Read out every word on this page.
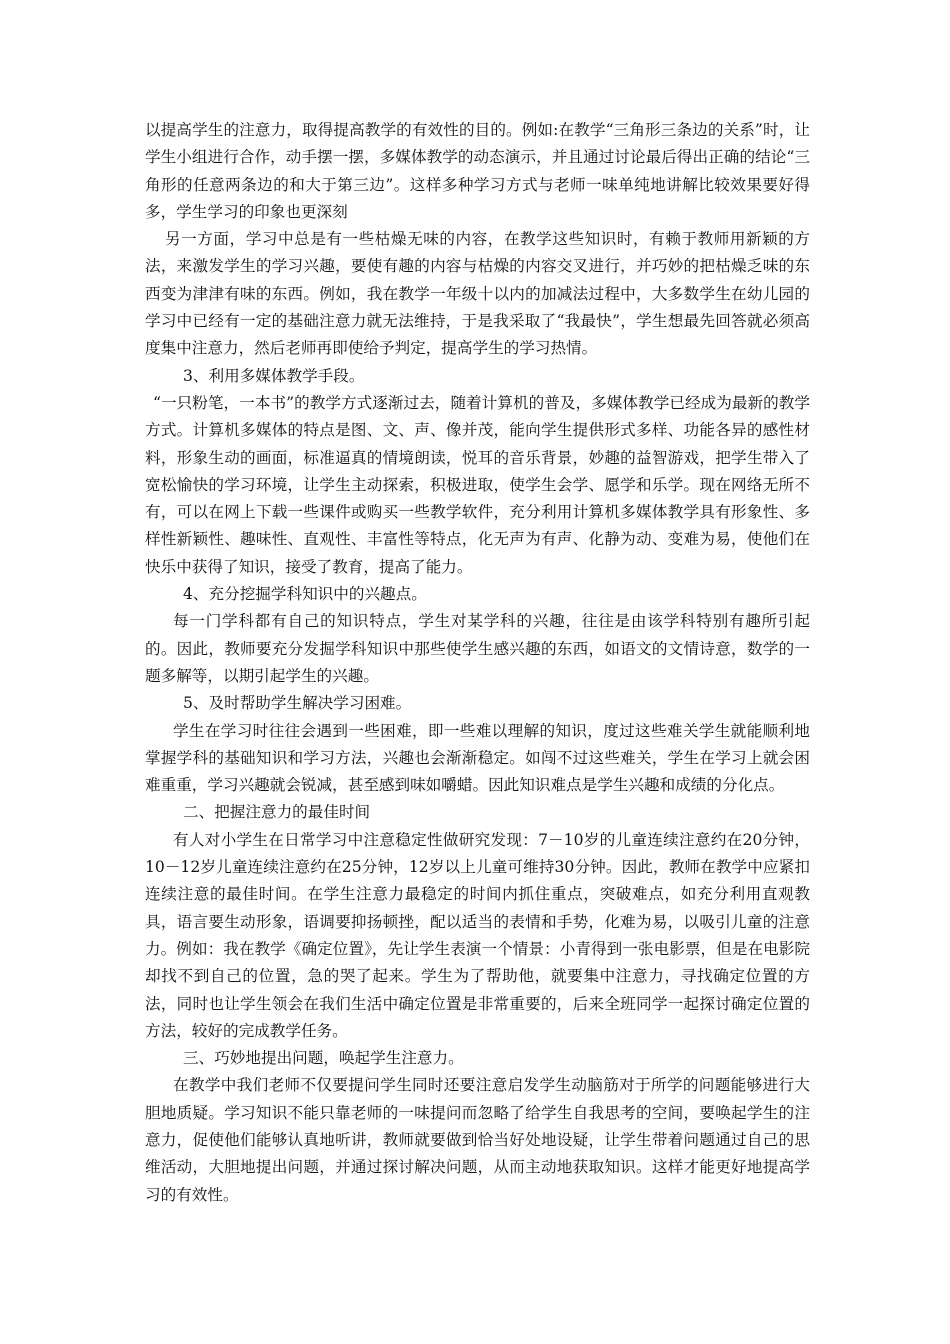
以提高学生的注意力，取得提高教学的有效性的目的。例如:在教学“三角形三条边的关系”时，让学生小组进行合作，动手摆一摆，多媒体教学的动态演示，并且通过讨论最后得出正确的结论“三角形的任意两条边的和大于第三边”。这样多种学习方式与老师一味单纯地讲解比较效果要好得多，学生学习的印象也更深刻

另一方面，学习中总是有一些枯燥无味的内容，在教学这些知识时，有赖于教师用新颖的方法，来激发学生的学习兴趣，要使有趣的内容与枯燥的内容交叉进行，并巧妙的把枯燥乏味的东西变为津津有味的东西。例如，我在教学一年级十以内的加减法过程中，大多数学生在幼儿园的学习中已经有一定的基础注意力就无法维持，于是我采取了“我最快”，学生想最先回答就必须高度集中注意力，然后老师再即使给予判定，提高学生的学习热情。

3、利用多媒体教学手段。

“一只粉笔，一本书”的教学方式逐渐过去，随着计算机的普及，多媒体教学已经成为最新的教学方式。计算机多媒体的特点是图、文、声、像并茂，能向学生提供形式多样、功能各异的感性材料，形象生动的画面，标准逼真的情境朗读，悦耳的音乐背景，妙趣的益智游戏，把学生带入了宽松愉快的学习环境，让学生主动探索，积极进取，使学生会学、愿学和乐学。现在网络无所不有，可以在网上下载一些课件或购买一些教学软件，充分利用计算机多媒体教学具有形象性、多样性新颖性、趣味性、直观性、丰富性等特点，化无声为有声、化静为动、变难为易，使他们在快乐中获得了知识，接受了教育，提高了能力。

4、充分挖掘学科知识中的兴趣点。

每一门学科都有自己的知识特点，学生对某学科的兴趣，往往是由该学科特别有趣所引起的。因此，教师要充分发掘学科知识中那些使学生感兴趣的东西，如语文的文情诗意，数学的一题多解等，以期引起学生的兴趣。

5、及时帮助学生解决学习困难。

学生在学习时往往会遇到一些困难，即一些难以理解的知识，度过这些难关学生就能顺利地掌握学科的基础知识和学习方法，兴趣也会渐渐稳定。如闯不过这些难关，学生在学习上就会困难重重，学习兴趣就会锐减，甚至感到味如嚼蜡。因此知识难点是学生兴趣和成绩的分化点。

二、把握注意力的最佳时间

有人对小学生在日常学习中注意稳定性做研究发现：7－10岁的儿童连续注意约在20分钟，10－12岁儿童连续注意约在25分钟，12岁以上儿童可维持30分钟。因此，教师在教学中应紧扣连续注意的最佳时间。在学生注意力最稳定的时间内抓住重点，突破难点，如充分利用直观教具，语言要生动形象，语调要抑扬顿挫，配以适当的表情和手势，化难为易，以吸引儿童的注意力。例如：我在教学《确定位置》，先让学生表演一个情景：小青得到一张电影票，但是在电影院却找不到自己的位置，急的哭了起来。学生为了帮助他，就要集中注意力，寻找确定位置的方法，同时也让学生领会在我们生活中确定位置是非常重要的，后来全班同学一起探讨确定位置的方法，较好的完成教学任务。

三、巧妙地提出问题，唤起学生注意力。

在教学中我们老师不仅要提问学生同时还要注意启发学生动脑筋对于所学的问题能够进行大胆地质疑。学习知识不能只靠老师的一味提问而忽略了给学生自我思考的空间，要唤起学生的注意力，促使他们能够认真地听讲，教师就要做到恰当好处地设疑，让学生带着问题通过自己的思维活动，大胆地提出问题，并通过探讨解决问题，从而主动地获取知识。这样才能更好地提高学习的有效性。
